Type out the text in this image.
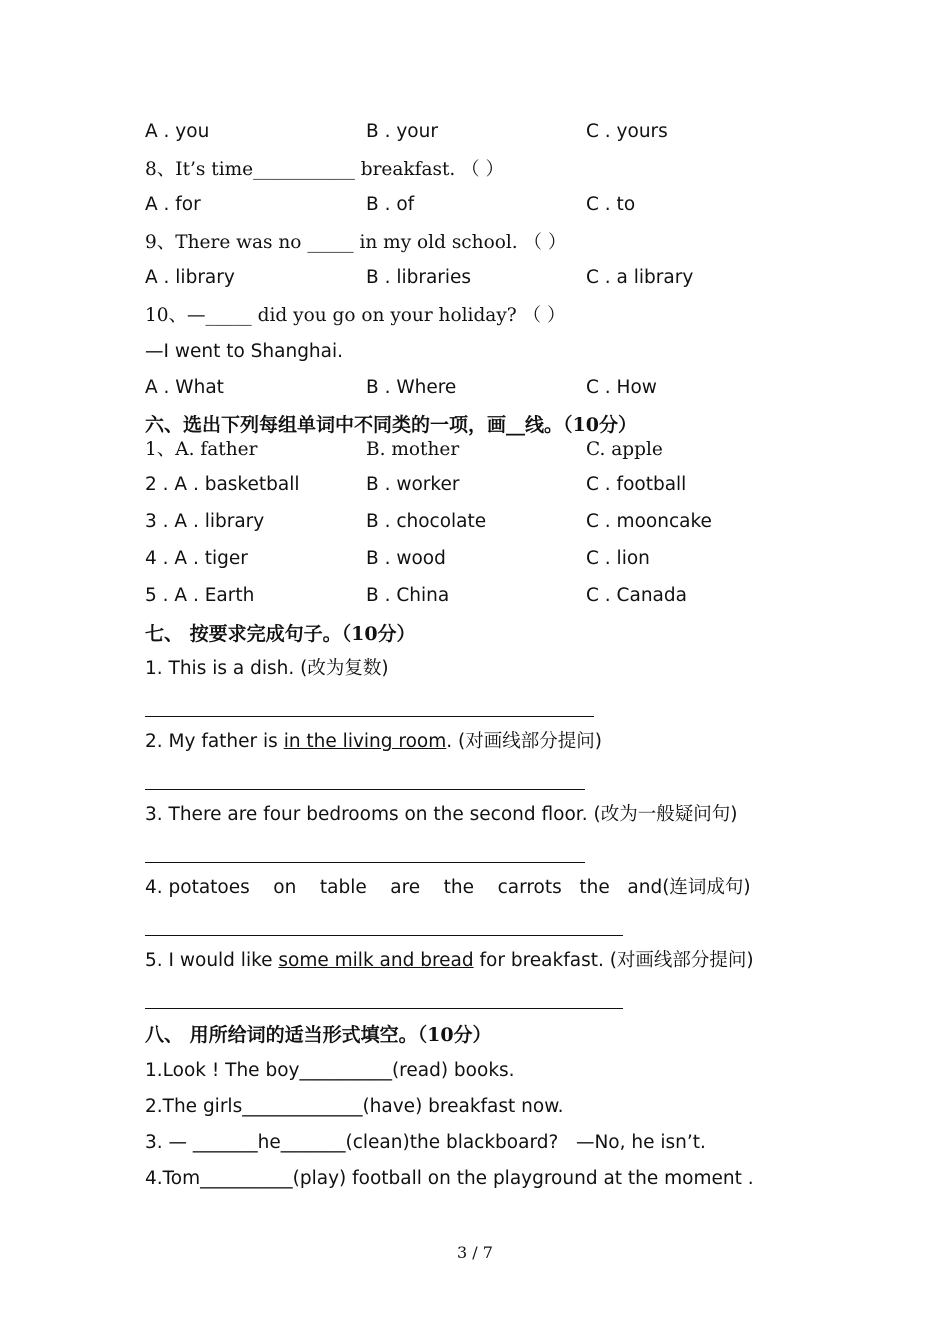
A . you	B . your	C . yours
8、It’s time___________ breakfast. （ ）
A . for	B . of	C . to
9、There was no _____ in my old school. （ ）
A . library	B . libraries	C . a library
10、—_____ did you go on your holiday? （ ）
—I went to Shanghai.
A . What	B . Where	C . How
六、选出下列每组单词中不同类的一项，画__线。（10分）
1、A. father	B. mother	C. apple
2 . A . basketball	B . worker	C . football
3 . A . library	B . chocolate	C . mooncake
4 . A . tiger	B . wood	C . lion
5 . A . Earth	B . China	C . Canada
七、 按要求完成句子。（10分）
1. This is a dish. (改为复数)
2. My father is in the living room. (对画线部分提问)
3. There are four bedrooms on the second floor. (改为一般疑问句)
4. potatoes    on    table    are    the    carrots   the   and(连词成句)
5. I would like some milk and bread for breakfast. (对画线部分提问)
八、 用所给词的适当形式填空。（10分）
1.Look ! The boy__________(read) books.
2.The girls_____________(have) breakfast now.
3. — _______he_______(clean)the blackboard?   —No, he isn’t.
4.Tom__________(play) football on the playground at the moment .
3 / 7
